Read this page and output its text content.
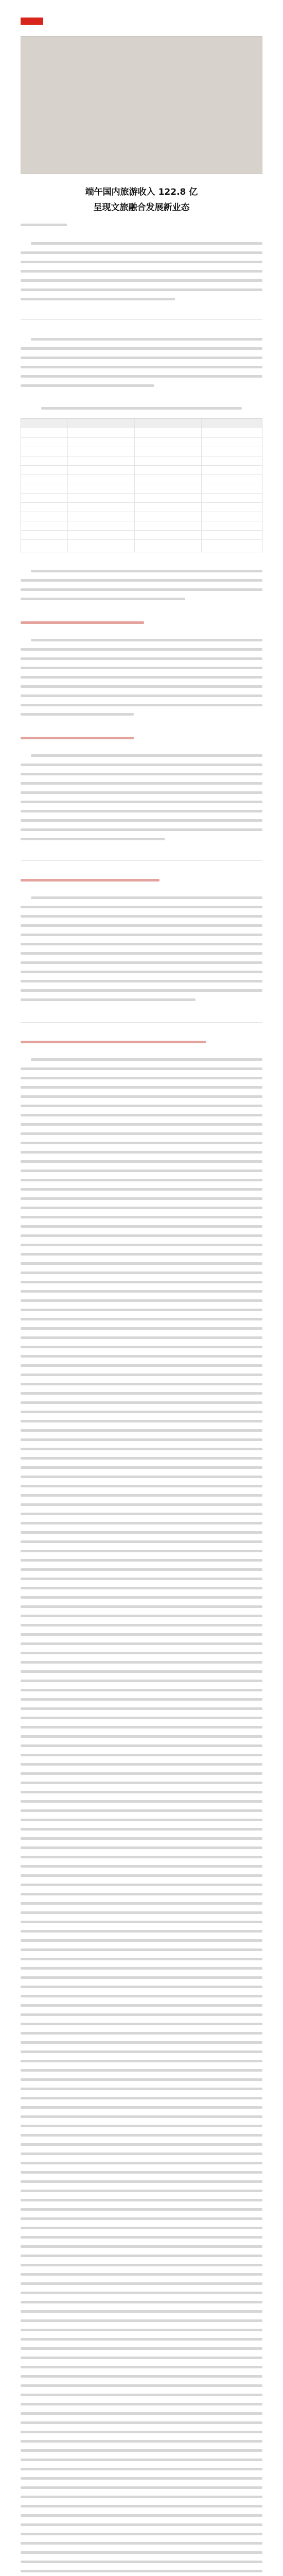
端午国内旅游收入 122.8 亿
呈现文旅融合发展新业态
